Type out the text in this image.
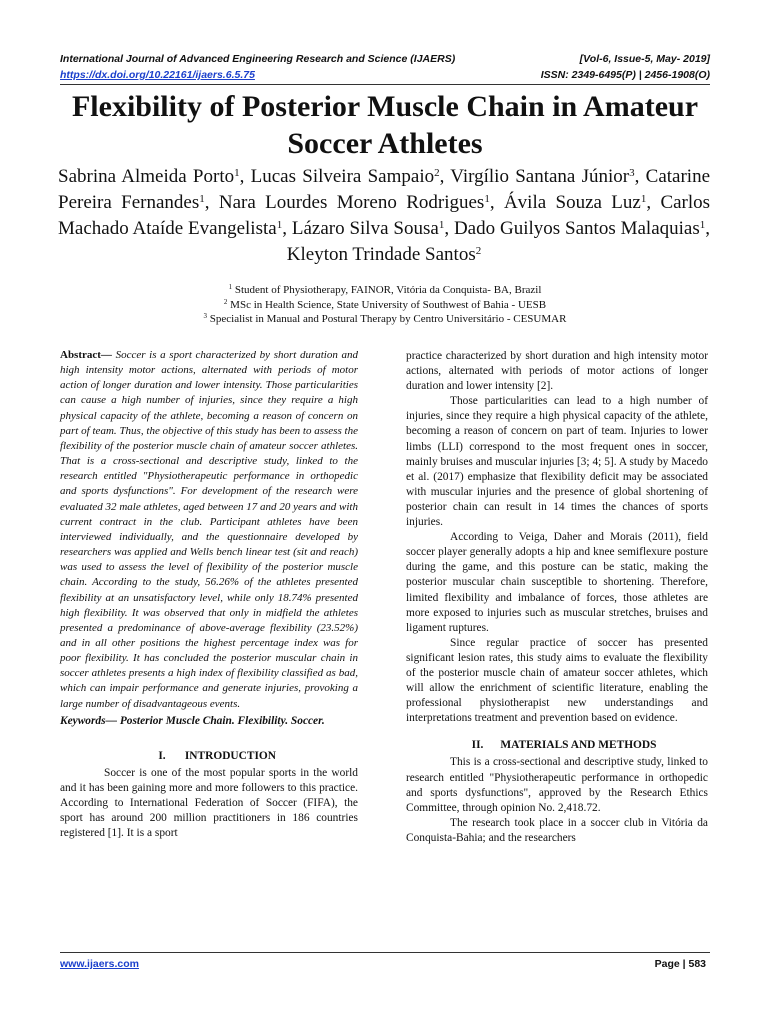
International Journal of Advanced Engineering Research and Science (IJAERS)	[Vol-6, Issue-5, May- 2019]
https://dx.doi.org/10.22161/ijaers.6.5.75	ISSN: 2349-6495(P) | 2456-1908(O)
Flexibility of Posterior Muscle Chain in Amateur Soccer Athletes
Sabrina Almeida Porto$^1$, Lucas Silveira Sampaio$^2$, Virgílio Santana Júnior$^3$, Catarine Pereira Fernandes$^1$, Nara Lourdes Moreno Rodrigues$^1$, Ávila Souza Luz$^1$, Carlos Machado Ataíde Evangelista$^1$, Lázaro Silva Sousa$^1$, Dado Guilyos Santos Malaquias$^1$, Kleyton Trindade Santos$^2$
$^1$ Student of Physiotherapy, FAINOR, Vitória da Conquista- BA, Brazil
$^2$ MSc in Health Science, State University of Southwest of Bahia - UESB
$^3$ Specialist in Manual and Postural Therapy by Centro Universitário - CESUMAR
Abstract— Soccer is a sport characterized by short duration and high intensity motor actions, alternated with periods of motor action of longer duration and lower intensity. Those particularities can cause a high number of injuries, since they require a high physical capacity of the athlete, becoming a reason of concern on part of team. Thus, the objective of this study has been to assess the flexibility of the posterior muscle chain of amateur soccer athletes. That is a cross-sectional and descriptive study, linked to the research entitled "Physiotherapeutic performance in orthopedic and sports dysfunctions". For development of the research were evaluated 32 male athletes, aged between 17 and 20 years and with current contract in the club. Participant athletes have been interviewed individually, and the questionnaire developed by researchers was applied and Wells bench linear test (sit and reach) was used to assess the level of flexibility of the posterior muscle chain. According to the study, 56.26% of the athletes presented flexibility at an unsatisfactory level, while only 18.74% presented high flexibility. It was observed that only in midfield the athletes presented a predominance of above-average flexibility (23.52%) and in all other positions the highest percentage index was for poor flexibility. It has concluded the posterior muscular chain in soccer athletes presents a high index of flexibility classified as bad, which can impair performance and generate injuries, provoking a large number of disadvantageous events.
Keywords— Posterior Muscle Chain. Flexibility. Soccer.
I. INTRODUCTION

Soccer is one of the most popular sports in the world and it has been gaining more and more followers to this practice. According to International Federation of Soccer (FIFA), the sport has around 200 million practitioners in 186 countries registered [1]. It is a sport

practice characterized by short duration and high intensity motor actions, alternated with periods of motor actions of longer duration and lower intensity [2].

Those particularities can lead to a high number of injuries, since they require a high physical capacity of the athlete, becoming a reason of concern on part of team. Injuries to lower limbs (LLI) correspond to the most frequent ones in soccer, mainly bruises and muscular injuries [3; 4; 5]. A study by Macedo et al. (2017) emphasize that flexibility deficit may be associated with muscular injuries and the presence of global shortening of posterior chain can result in 14 times the chances of sports injuries.

According to Veiga, Daher and Morais (2011), field soccer player generally adopts a hip and knee semiflexure posture during the game, and this posture can be static, making the posterior muscular chain susceptible to shortening. Therefore, limited flexibility and imbalance of forces, those athletes are more exposed to injuries such as muscular stretches, bruises and ligament ruptures.

Since regular practice of soccer has presented significant lesion rates, this study aims to evaluate the flexibility of the posterior muscle chain of amateur soccer athletes, which will allow the enrichment of scientific literature, enabling the professional physiotherapist new understandings and interpretations treatment and prevention based on evidence.

II. MATERIALS AND METHODS

This is a cross-sectional and descriptive study, linked to research entitled "Physiotherapeutic performance in orthopedic and sports dysfunctions", approved by the Research Ethics Committee, through opinion No. 2,418.72.

The research took place in a soccer club in Vitória da Conquista-Bahia; and the researchers

www.ijaers.com	Page | 583
